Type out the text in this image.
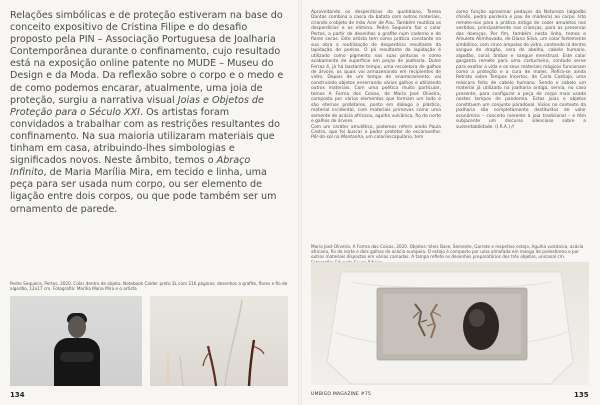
Relações simbólicas e de proteção estiveram na base do conceito expositivo de Cristina Filipe e do desafio proposto pela PIN – Associação Portuguesa de Joalharia Contemporânea durante o confinamento, cujo resultado está na exposição online patente no MUDE – Museu do Design e da Moda. Da reflexão sobre o corpo e o medo e de como podemos encarar, atualmente, uma joia de proteção, surgiu a narrativa visual Joias e Objetos de Proteção para o Século XXI. Os artistas foram convidados a trabalhar com as restrições resultantes do confinamento. Na sua maioria utilizaram materiais que tinham em casa, atribuindo-lhes simbologias e significados novos. Neste âmbito, temos o Abraço Infinito, de Maria Marília Mira, em tecido e linha, uma peça para ser usada num corpo, ou ser elemento de ligação entre dois corpos, ou que pode também ser um ornamento de parede.

Pedro Sequeira, Pertos, 2020. Colar dentro de objeto. Notebook Calder preto 3L com 216 páginas; desenhos a grafite, flores e fio de algodão, 12x17 cm. Fotografia: Marília Maria Mira e o artista

134

Aproveitando os desperdícios do quotidiano, Teresa Dantas combina a casca da batata com outros materiais, criando o objeto de mão Acer de Pau. Também reutiliza os desperdícios e os elimina. Pedro Sequeira faz o colar Pertos, a partir de desenhos a grafite num caderno e de flores secas. Este artista tem como prática constante na sua obra a reutilização de desperdício resultante da lapidação de pedras. O pó resultante da lapidação é utilizado como pigmento nas suas pinturas e como acabamento de superfície em peças de joalharia. Dulce Ferraz é, já há bastante tempo, uma recoletora de galhos de árvore, os quais vai armazenando em recipientes de vidro. Depois de um tempo de enamoramento, vai construindo objetos enserrando vários galhos e utilizando outros materiais. Com uma poética muito particular, temos A Forma dos Coisas, de Maria José Oliveira, composta por vários elementos que formam um todo e são eternos protetores, ponto em diálogo o plástico, material incidental, com materiais primevos como uma semente de acácia africana, agulha vulcânica, fio do norte e galhos de árvore.
Com um caráter amulético, podemos referir ainda Paula Castro, que foi buscar o poder protetor do escaravelho. Pôr-do-sol na Montanha, um colar/escapulário, tem

como função aproximar pedaços da Natureza (algodão chinês, pedra pardeira e pau de madeira) ao corpo. Isto remete-nos para a prática antiga de cozer amuletos nos vestidos, principalmente nas crianças, para as preservar das doenças. Por fim, também nesta linha, temos o Amuleto Alimhovado, de Diana Silva, um colar fortemente simbólico, com cinco ampolas de vidro, contendo lá dentro sangue de dragão, cera de abelha, cabelo humano, algodão, coral, âmbar e sangue menstrual. Este colar garganta remete para uma cartucheira, contudo serve para exaltar a vida e os seus materiais mágicos funcionam como a proteção e a cura de males. Refira-se ainda Retrato sobre Tempos Incertos, de Carla Castiajo, uma máscara feita de cabelo humano. Sendo o cabelo um material já utilizado na joalharia antiga, servia, no caso presente, para configurar a peça de corpo mais usada nestes tempos de pandemia. Estas joias e objetos constituem um conjunto paradoxal. Visíos no contexto da joalharia são completamente destituídos de valor económico – conceito inerente à joia tradicional – e têm subjacente um discurso silencioso sobre a sustentabilidade. (I.R.A.) //

Maria José Oliveira, A Forma das Coisas, 2020. Objetos: ténis Base, Semente, Garrote e respetivo estojo, Agulha vulcânica, acácia africana, fio do norte e dois galhos de acácia europeia. O estojo é composto por uma almofada em manga de poliestireno e por outros materiais dispostos em várias camadas. A tampa reflete os desenhos preparatórios dos três objetos, unicanal cm.

UMBIGO MAGAZINE #75	135
